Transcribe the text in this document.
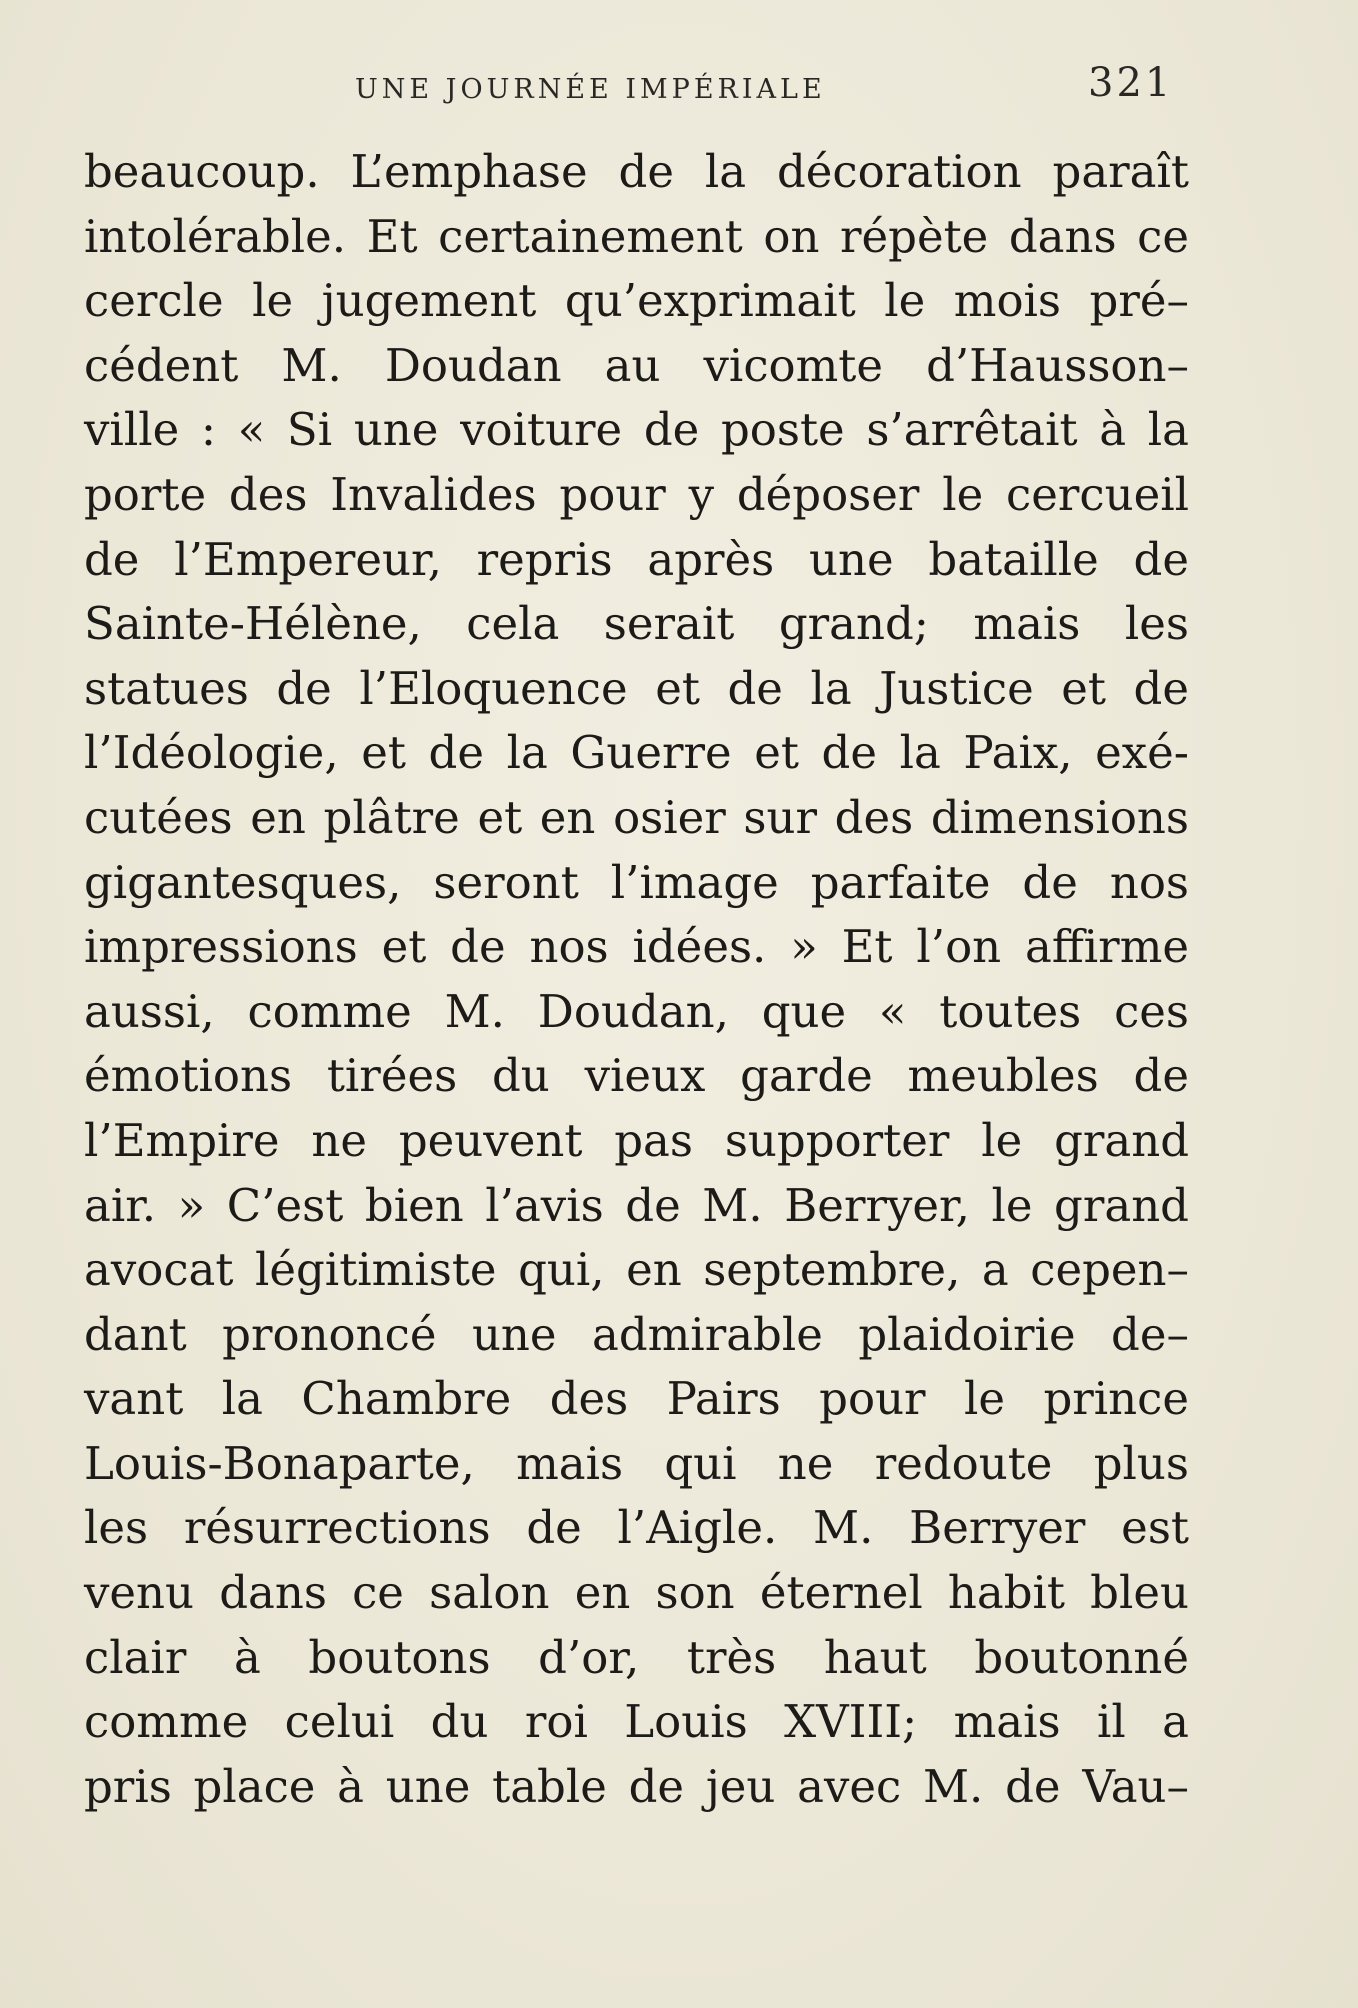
UNE JOURNÉE IMPÉRIALE	321
beaucoup. L’emphase de la décoration paraît
intolérable. Et certainement on répète dans ce
cercle le jugement qu’exprimait le mois pré–
cédent M. Doudan au vicomte d’Hausson–
ville : « Si une voiture de poste s’arrêtait à la
porte des Invalides pour y déposer le cercueil
de l’Empereur, repris après une bataille de
Sainte-Hélène, cela serait grand; mais les
statues de l’Eloquence et de la Justice et de
l’Idéologie, et de la Guerre et de la Paix, exé-
cutées en plâtre et en osier sur des dimensions
gigantesques, seront l’image parfaite de nos
impressions et de nos idées. » Et l’on affirme
aussi, comme M. Doudan, que « toutes ces
émotions tirées du vieux garde meubles de
l’Empire ne peuvent pas supporter le grand
air. » C’est bien l’avis de M. Berryer, le grand
avocat légitimiste qui, en septembre, a cepen–
dant prononcé une admirable plaidoirie de–
vant la Chambre des Pairs pour le prince
Louis-Bonaparte, mais qui ne redoute plus
les résurrections de l’Aigle. M. Berryer est
venu dans ce salon en son éternel habit bleu
clair à boutons d’or, très haut boutonné
comme celui du roi Louis XVIII; mais il a
pris place à une table de jeu avec M. de Vau–
